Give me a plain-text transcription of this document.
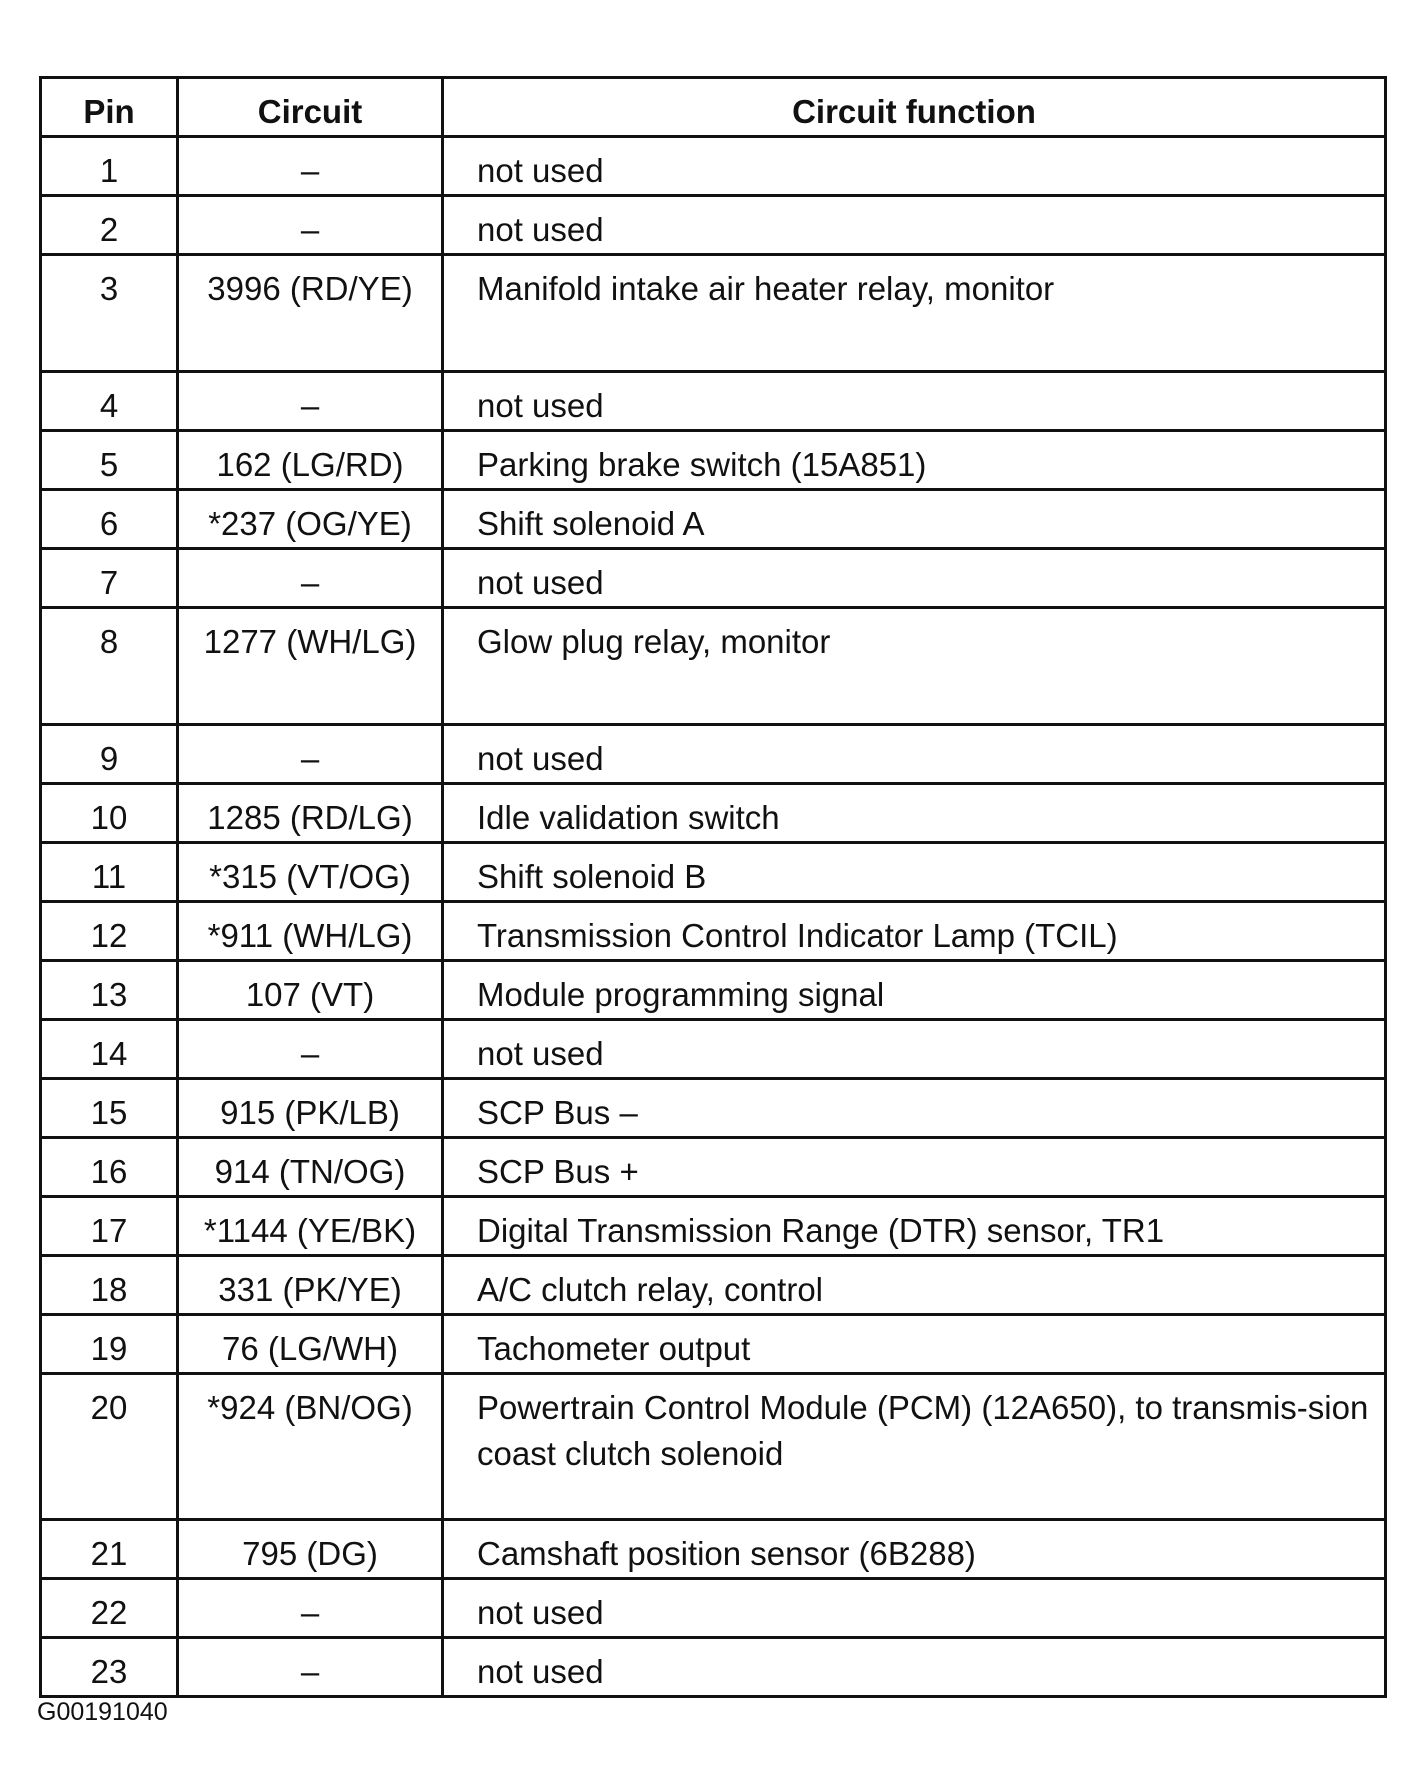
Pin	Circuit	Circuit function
1	–	not used
2	–	not used
3	3996 (RD/YE)	Manifold intake air heater relay, monitor
4	–	not used
5	162 (LG/RD)	Parking brake switch (15A851)
6	*237 (OG/YE)	Shift solenoid A
7	–	not used
8	1277 (WH/LG)	Glow plug relay, monitor
9	–	not used
10	1285 (RD/LG)	Idle validation switch
11	*315 (VT/OG)	Shift solenoid B
12	*911 (WH/LG)	Transmission Control Indicator Lamp (TCIL)
13	107 (VT)	Module programming signal
14	–	not used
15	915 (PK/LB)	SCP Bus –
16	914 (TN/OG)	SCP Bus +
17	*1144 (YE/BK)	Digital Transmission Range (DTR) sensor, TR1
18	331 (PK/YE)	A/C clutch relay, control
19	76 (LG/WH)	Tachometer output
20	*924 (BN/OG)	Powertrain Control Module (PCM) (12A650), to transmis-sion coast clutch solenoid
21	795 (DG)	Camshaft position sensor (6B288)
22	–	not used
23	–	not used
G00191040
